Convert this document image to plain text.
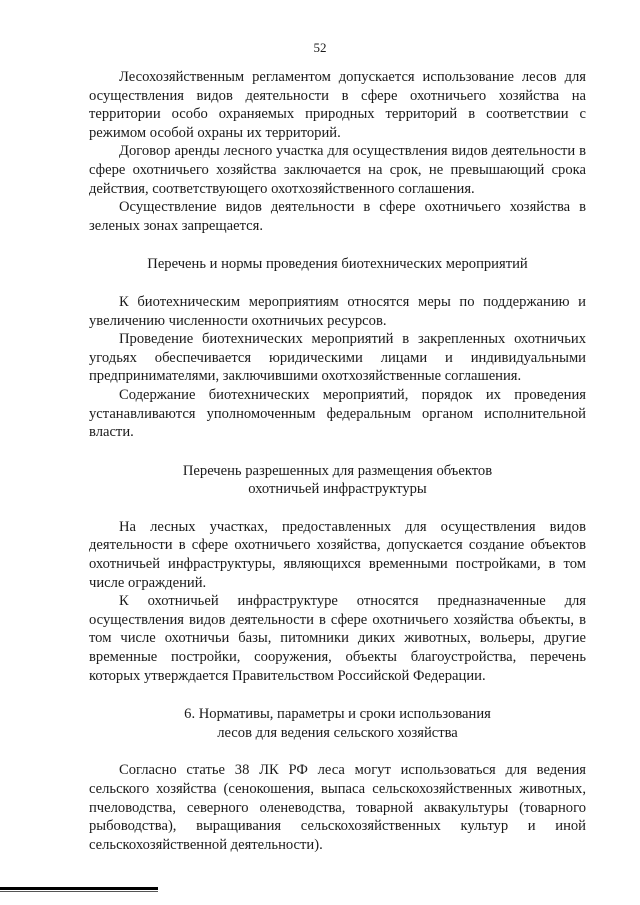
52

Лесохозяйственным регламентом допускается использование лесов для осуществления видов деятельности в сфере охотничьего хозяйства на территории особо охраняемых природных территорий в соответствии с режимом особой охраны их территорий.

Договор аренды лесного участка для осуществления видов деятельности в сфере охотничьего хозяйства заключается на срок, не превышающий срока действия, соответствующего охотхозяйственного соглашения.

Осуществление видов деятельности в сфере охотничьего хозяйства в зеленых зонах запрещается.

Перечень и нормы проведения биотехнических мероприятий

К биотехническим мероприятиям относятся меры по поддержанию и увеличению численности охотничьих ресурсов.

Проведение биотехнических мероприятий в закрепленных охотничьих угодьях обеспечивается юридическими лицами и индивидуальными предпринимателями, заключившими охотхозяйственные соглашения.

Содержание биотехнических мероприятий, порядок их проведения устанавливаются уполномоченным федеральным органом исполнительной власти.

Перечень разрешенных для размещения объектов
охотничьей инфраструктуры

На лесных участках, предоставленных для осуществления видов деятельности в сфере охотничьего хозяйства, допускается создание объектов охотничьей инфраструктуры, являющихся временными постройками, в том числе ограждений.

К охотничьей инфраструктуре относятся предназначенные для осуществления видов деятельности в сфере охотничьего хозяйства объекты, в том числе охотничьи базы, питомники диких животных, вольеры, другие временные постройки, сооружения, объекты благоустройства, перечень которых утверждается Правительством Российской Федерации.

6. Нормативы, параметры и сроки использования
лесов для ведения сельского хозяйства

Согласно статье 38 ЛК РФ леса могут использоваться для ведения сельского хозяйства (сенокошения, выпаса сельскохозяйственных животных, пчеловодства, северного оленеводства, товарной аквакультуры (товарного рыбоводства), выращивания сельскохозяйственных культур и иной сельскохозяйственной деятельности).
